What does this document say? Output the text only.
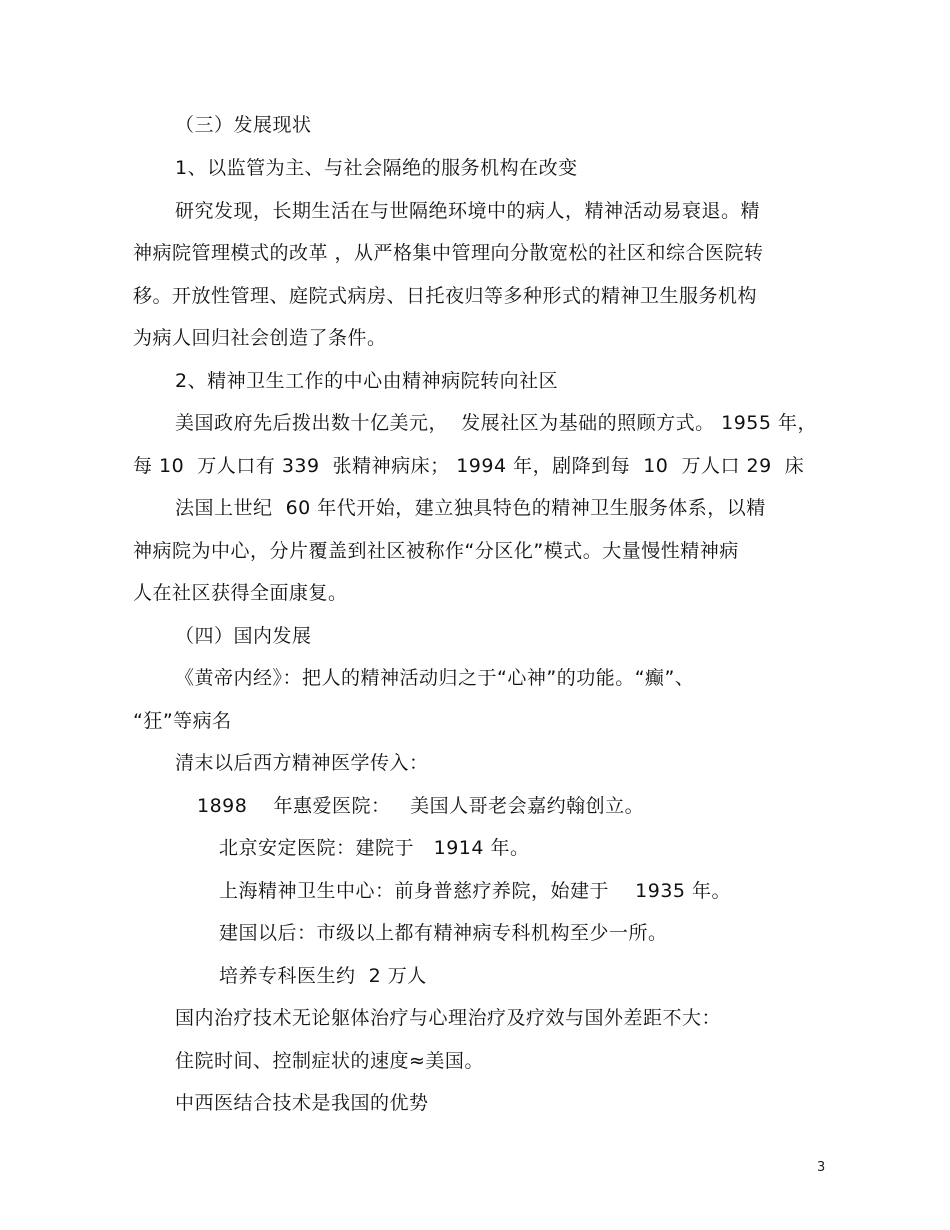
（三）发展现状
1、以监管为主、与社会隔绝的服务机构在改变
研究发现，长期生活在与世隔绝环境中的病人，精神活动易衰退。精
神病院管理模式的改革 ，从严格集中管理向分散宽松的社区和综合医院转
移。开放性管理、庭院式病房、日托夜归等多种形式的精神卫生服务机构
为病人回归社会创造了条件。
2、精神卫生工作的中心由精神病院转向社区
美国政府先后拨出数十亿美元，  发展社区为基础的照顾方式。 1955 年，
每 10  万人口有 339  张精神病床； 1994 年，剧降到每  10  万人口 29  床
法国上世纪  60 年代开始，建立独具特色的精神卫生服务体系，以精
神病院为中心，分片覆盖到社区被称作“分区化”模式。大量慢性精神病
人在社区获得全面康复。
（四）国内发展
《黄帝内经》：把人的精神活动归之于“心神”的功能。“癫”、
“狂”等病名
清末以后西方精神医学传入：
1898    年惠爱医院：   美国人哥老会嘉约翰创立。
北京安定医院：建院于   1914 年。
上海精神卫生中心：前身普慈疗养院，始建于    1935 年。
建国以后：市级以上都有精神病专科机构至少一所。
培养专科医生约  2 万人
国内治疗技术无论躯体治疗与心理治疗及疗效与国外差距不大：
住院时间、控制症状的速度≈美国。
中西医结合技术是我国的优势
3
